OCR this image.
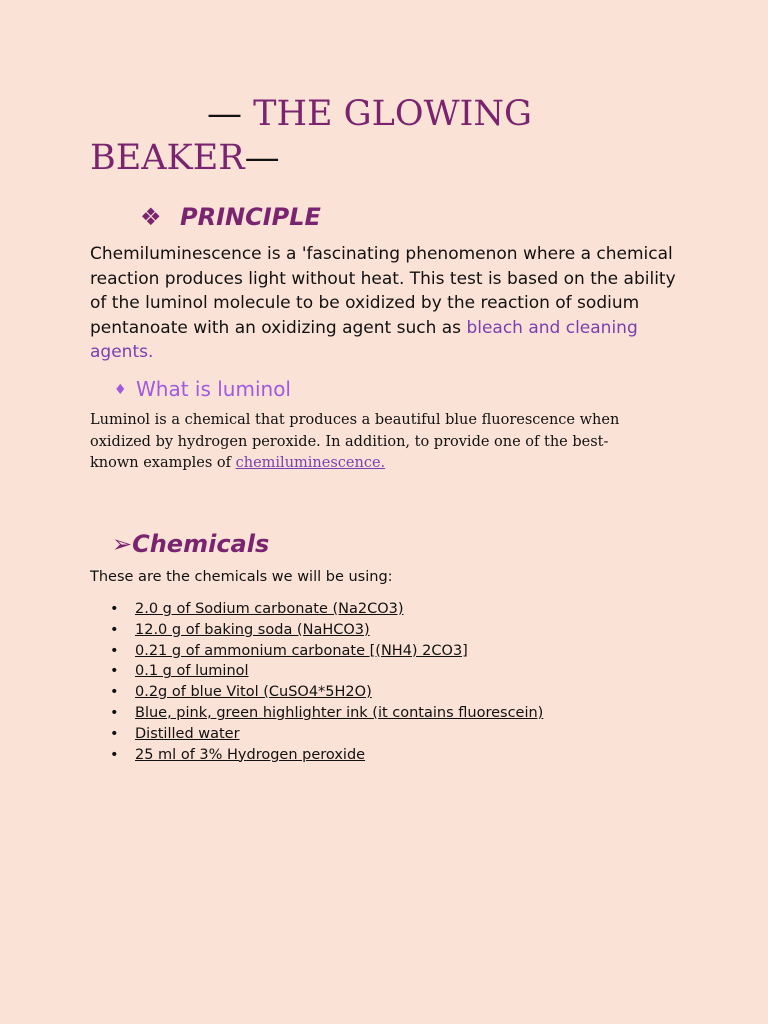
— THE GLOWING
BEAKER—
❖ PRINCIPLE

Chemiluminescence is a 'fascinating phenomenon where a chemical reaction produces light without heat. This test is based on the ability of the luminol molecule to be oxidized by the reaction of sodium pentanoate with an oxidizing agent such as bleach and cleaning agents.

♦ What is luminol

Luminol is a chemical that produces a beautiful blue fluorescence when oxidized by hydrogen peroxide. In addition, to provide one of the best-known examples of chemiluminescence.

➢Chemicals

These are the chemicals we will be using:

• 2.0 g of Sodium carbonate (Na2CO3)
• 12.0 g of baking soda (NaHCO3)
• 0.21 g of ammonium carbonate [(NH4) 2CO3]
• 0.1 g of luminol
• 0.2g of blue Vitol (CuSO4*5H2O)
• Blue, pink, green highlighter ink (it contains fluorescein)
• Distilled water
• 25 ml of 3% Hydrogen peroxide
